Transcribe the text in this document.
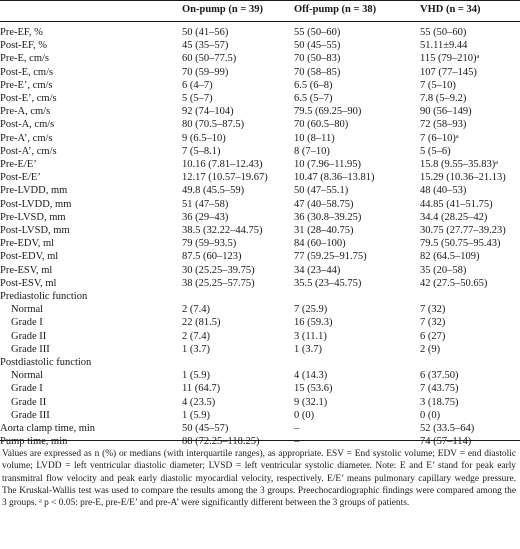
	On-pump (n = 39)	Off-pump (n = 38)	VHD (n = 34)

Pre-EF, %	50 (41–56)	55 (50–60)	55 (50–60)
Post-EF, %	45 (35–57)	50 (45–55)	51.11±9.44
Pre-E, cm/s	60 (50–77.5)	70 (50–83)	115 (79–210)ᵃ
Post-E, cm/s	70 (59–99)	70 (58–85)	107 (77–145)
Pre-E’, cm/s	6 (4–7)	6.5 (6–8)	7 (5–10)
Post-E’, cm/s	5 (5–7)	6.5 (5–7)	7.8 (5–9.2)
Pre-A, cm/s	92 (74–104)	79.5 (69.25–90)	90 (56–149)
Post-A, cm/s	80 (70.5–87.5)	70 (60.5–80)	72 (58–93)
Pre-A’, cm/s	9 (6.5–10)	10 (8–11)	7 (6–10)ᵃ
Post-A’, cm/s	7 (5–8.1)	8 (7–10)	5 (5–6)
Pre-E/E’	10.16 (7.81–12.43)	10 (7.96–11.95)	15.8 (9.55–35.83)ᵃ
Post-E/E’	12.17 (10.57–19.67)	10.47 (8.36–13.81)	15.29 (10.36–21.13)
Pre-LVDD, mm	49.8 (45.5–59)	50 (47–55.1)	48 (40–53)
Post-LVDD, mm	51 (47–58)	47 (40–58.75)	44.85 (41–51.75)
Pre-LVSD, mm	36 (29–43)	36 (30.8–39.25)	34.4 (28.25–42)
Post-LVSD, mm	38.5 (32.22–44.75)	31 (28–40.75)	30.75 (27.77–39.23)
Pre-EDV, ml	79 (59–93.5)	84 (60–100)	79.5 (50.75–95.43)
Post-EDV, ml	87.5 (60–123)	77 (59.25–91.75)	82 (64.5–109)
Pre-ESV, ml	30 (25.25–39.75)	34 (23–44)	35 (20–58)
Post-ESV, ml	38 (25.25–57.75)	35.5 (23–45.75)	42 (27.5–50.65)
Prediastolic function			
Normal	2 (7.4)	7 (25.9)	7 (32)
Grade I	22 (81.5)	16 (59.3)	7 (32)
Grade II	2 (7.4)	3 (11.1)	6 (27)
Grade III	1 (3.7)	1 (3.7)	2 (9)
Postdiastolic function			
Normal	1 (5.9)	4 (14.3)	6 (37.50)
Grade I	11 (64.7)	15 (53.6)	7 (43.75)
Grade II	4 (23.5)	9 (32.1)	3 (18.75)
Grade III	1 (5.9)	0 (0)	0 (0)
Aorta clamp time, min	50 (45–57)	–	52 (33.5–64)
Pump time, min	88 (72.25–118.25)	–	74 (57–114)
Values are expressed as n (%) or medians (with interquartile ranges), as appropriate. ESV = End systolic volume; EDV = end diastolic volume; LVDD = left ventricular diastolic diameter; LVSD = left ventricular systolic diameter. Note: E and E’ stand for peak early transmitral flow velocity and peak early diastolic myocardial velocity, respectively. E/E’ means pulmonary capillary wedge pressure. The Kruskal-Wallis test was used to compare the results among the 3 groups. Preechocardiographic findings were compared among the 3 groups. ᵃ p < 0.05: pre-E, pre-E/E’ and pre-A’ were significantly different between the 3 groups of patients.
